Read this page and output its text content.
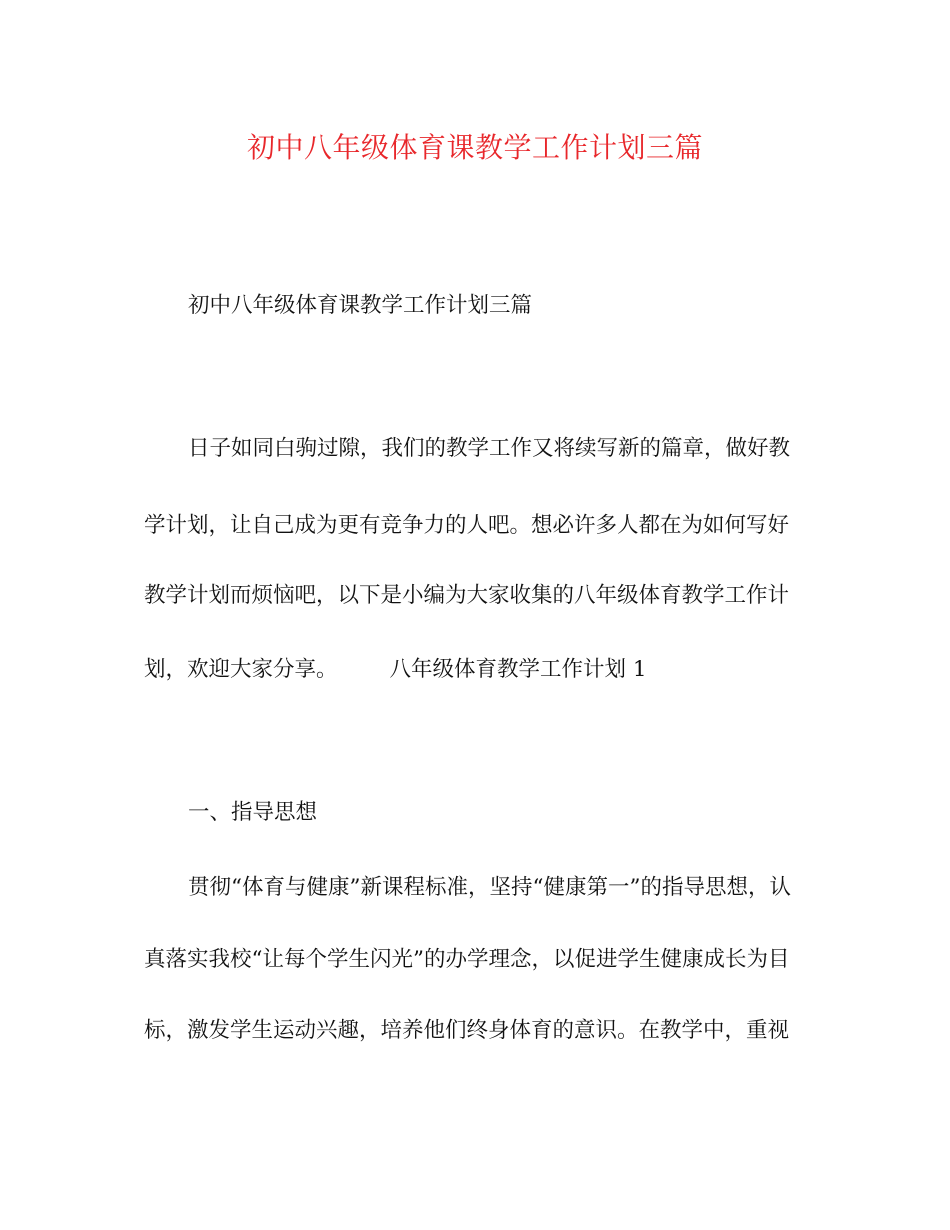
初中八年级体育课教学工作计划三篇
初中八年级体育课教学工作计划三篇
日子如同白驹过隙，我们的教学工作又将续写新的篇章，做好教
学计划，让自己成为更有竞争力的人吧。想必许多人都在为如何写好
教学计划而烦恼吧，以下是小编为大家收集的八年级体育教学工作计
划，欢迎大家分享。 八年级体育教学工作计划 1
一、指导思想
贯彻“体育与健康”新课程标准，坚持“健康第一”的指导思想，认
真落实我校“让每个学生闪光”的办学理念，以促进学生健康成长为目
标，激发学生运动兴趣，培养他们终身体育的意识。在教学中，重视
